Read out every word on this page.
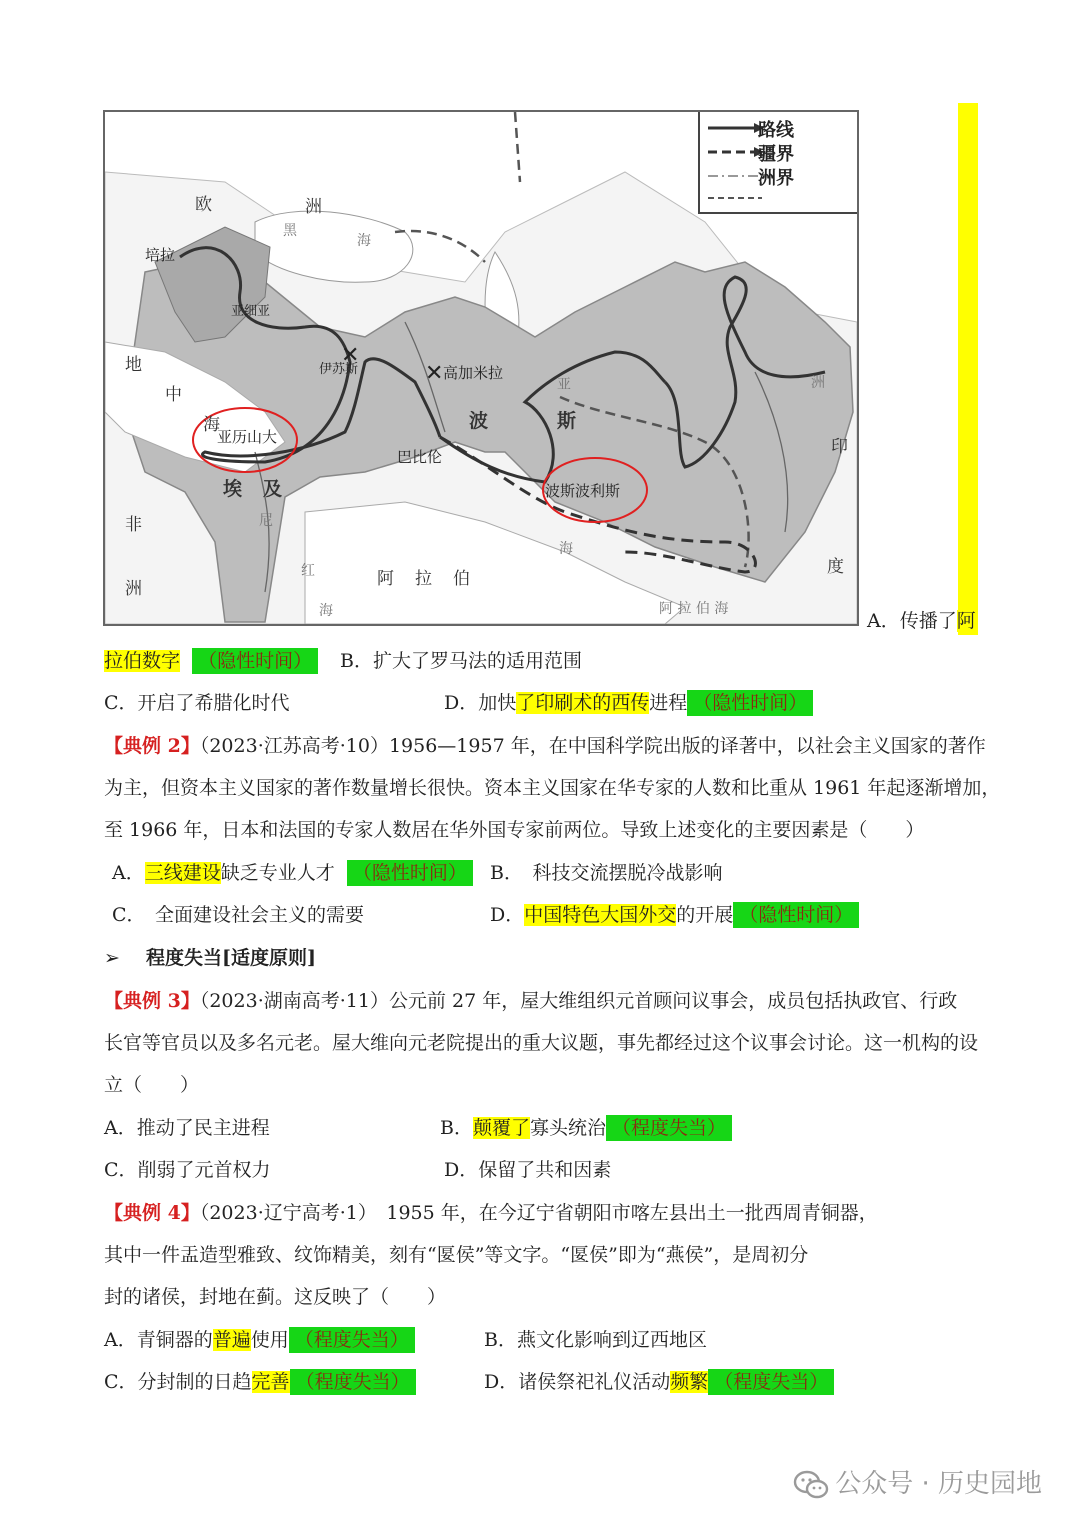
✕
✕
路线
疆界
洲界
欧	洲
黑
海
地
中
海
非
洲
埃 及
波	斯
阿 拉 伯
印
度
红
海	阿 拉 伯 海
海
亚	洲
培拉
亚细亚
伊苏斯	高加米拉
巴比伦
亚历山大
波斯波利斯
尼
A．传播了阿
拉伯数字 （隐性时间）	B．扩大了罗马法的适用范围
C．开启了希腊化时代	D．加快了印刷术的西传进程 （隐性时间）
【典例 2】（2023·江苏高考·10）1956—1957 年，在中国科学院出版的译著中，以社会主义国家的著作
为主，但资本主义国家的著作数量增长很快。资本主义国家在华专家的人数和比重从 1961 年起逐渐增加，
至 1966 年，日本和法国的专家人数居在华外国专家前两位。导致上述变化的主要因素是（　　）
A．三线建设缺乏专业人才 （隐性时间）	B．　科技交流摆脱冷战影响
C．　全面建设社会主义的需要	D．中国特色大国外交的开展 （隐性时间）
➢ 程度失当[适度原则]
【典例 3】（2023·湖南高考·11）公元前 27 年，屋大维组织元首顾问议事会，成员包括执政官、行政
长官等官员以及多名元老。屋大维向元老院提出的重大议题，事先都经过这个议事会讨论。这一机构的设
立（　　）
A．推动了民主进程	B．颠覆了寡头统治 （程度失当）
C．削弱了元首权力	D．保留了共和因素
【典例 4】（2023·辽宁高考·1）　1955 年，在今辽宁省朝阳市喀左县出土一批西周青铜器，
其中一件盂造型雅致、纹饰精美，刻有“匽侯”等文字。“匽侯”即为“燕侯”，是周初分
封的诸侯，封地在蓟。这反映了（　　）
A．青铜器的普遍使用 （程度失当）	B．燕文化影响到辽西地区
C．分封制的日趋完善 （程度失当）	D．诸侯祭祀礼仪活动频繁 （程度失当）
公众号 · 历史园地
